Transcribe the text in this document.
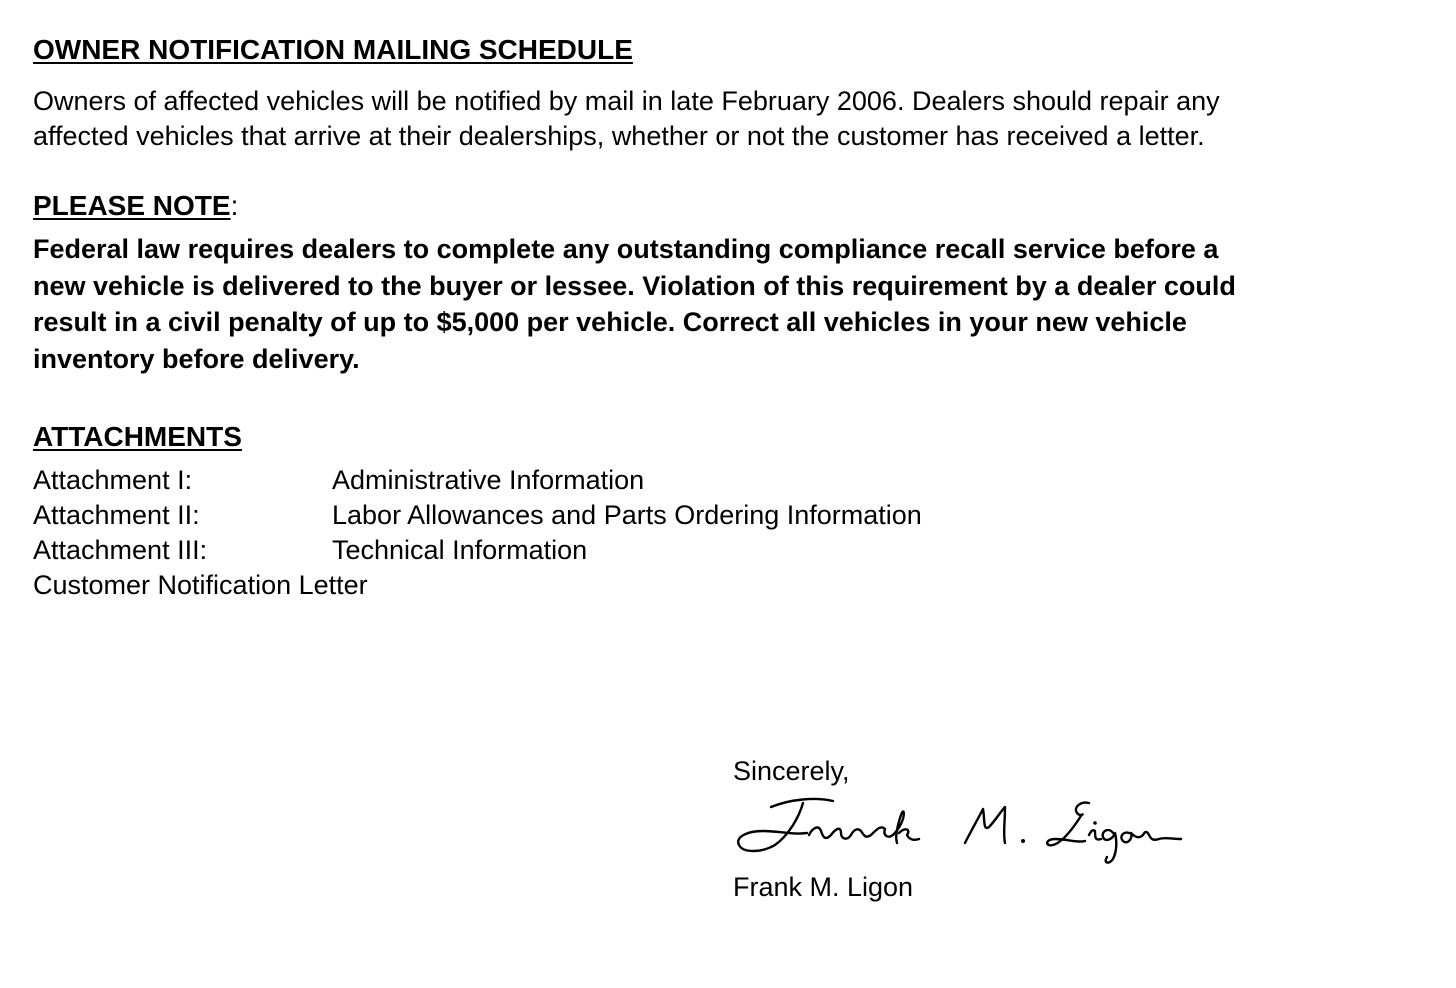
OWNER NOTIFICATION MAILING SCHEDULE

Owners of affected vehicles will be notified by mail in late February 2006. Dealers should repair any
affected vehicles that arrive at their dealerships, whether or not the customer has received a letter.

PLEASE NOTE:

Federal law requires dealers to complete any outstanding compliance recall service before a
new vehicle is delivered to the buyer or lessee. Violation of this requirement by a dealer could
result in a civil penalty of up to $5,000 per vehicle. Correct all vehicles in your new vehicle
inventory before delivery.

ATTACHMENTS
Attachment I:	Administrative Information
Attachment II:	Labor Allowances and Parts Ordering Information
Attachment III:	Technical Information
Customer Notification Letter
Sincerely,
Frank M. Ligon
